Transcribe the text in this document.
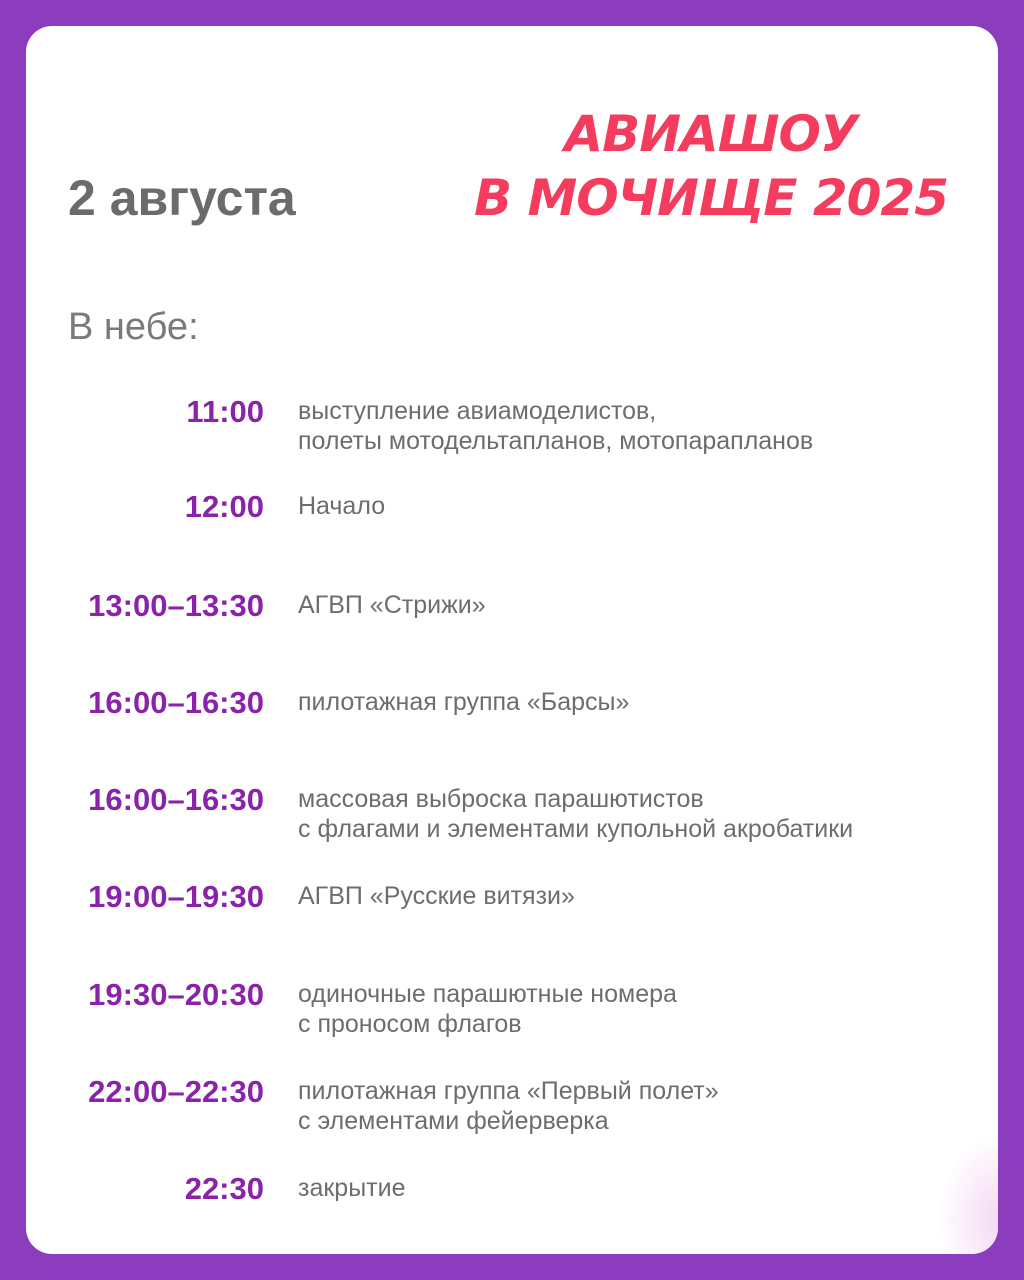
2 августа
АВИАШОУ
В МОЧИЩЕ 2025
В небе:
11:00 выступление авиамоделистов,
полеты мотодельтапланов, мотопарапланов
12:00 Начало
13:00–13:30 АГВП «Стрижи»
16:00–16:30 пилотажная группа «Барсы»
16:00–16:30 массовая выброска парашютистов
с флагами и элементами купольной акробатики
19:00–19:30 АГВП «Русские витязи»
19:30–20:30 одиночные парашютные номера
с проносом флагов
22:00–22:30 пилотажная группа «Первый полет»
с элементами фейерверка
22:30 закрытие
